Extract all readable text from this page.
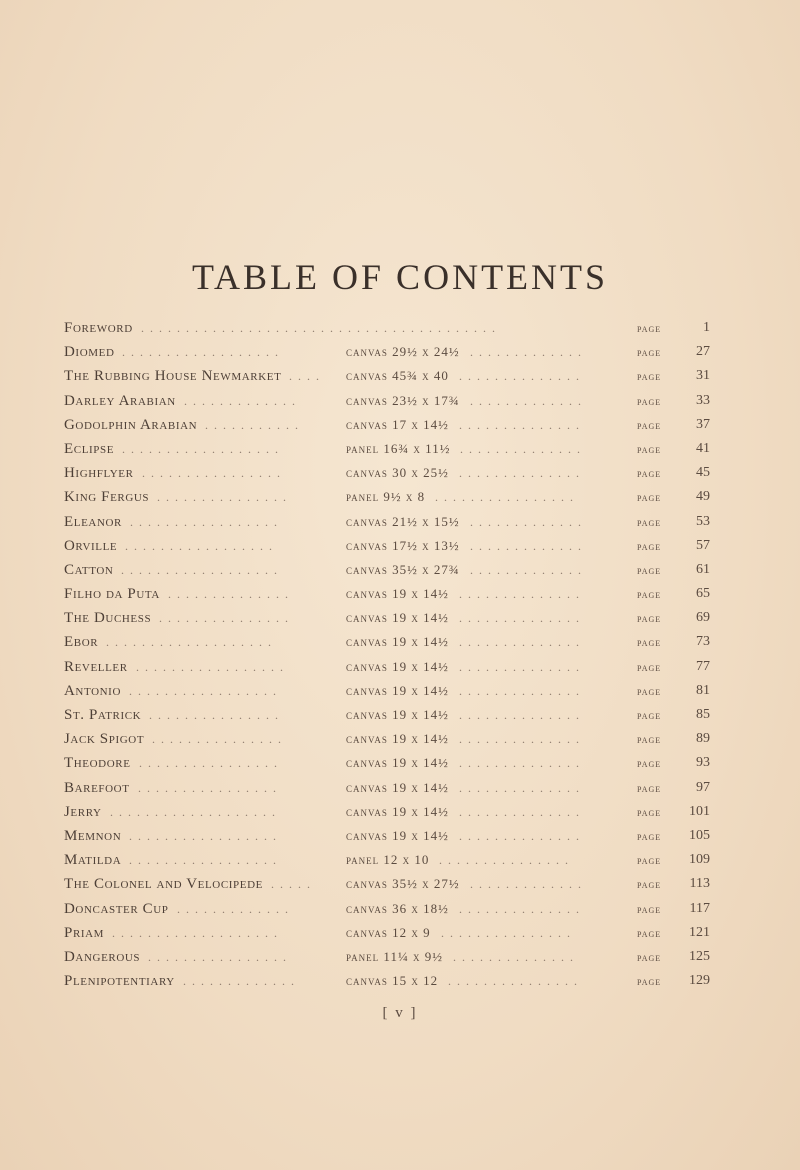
TABLE OF CONTENTS
........................................
Foreword	page	1
..................
Diomed	canvas 29½ x 24½ .............	page 27
....
The Rubbing House Newmarket	canvas 45¾ x 40 ..............	page 31
.............
Darley Arabian	canvas 23½ x 17¾ .............	page 33
...........
Godolphin Arabian	canvas 17 x 14½ ..............	page 37
..................
Eclipse	panel 16¾ x 11½ ..............	page 41
................
Highflyer	canvas 30 x 25½ ..............	page 45
...............
King Fergus	panel 9½ x 8 ................	page 49
.................
Eleanor	canvas 21½ x 15½ .............	page 53
.................
Orville	canvas 17½ x 13½ .............	page 57
..................
Catton	canvas 35½ x 27¾ .............	page 61
..............
Filho da Puta	canvas 19 x 14½ ..............	page 65
...............
The Duchess	canvas 19 x 14½ ..............	page 69
...................
Ebor	canvas 19 x 14½ ..............	page 73
.................
Reveller	canvas 19 x 14½ ..............	page 77
.................
Antonio	canvas 19 x 14½ ..............	page 81
...............
St. Patrick	canvas 19 x 14½ ..............	page 85
...............
Jack Spigot	canvas 19 x 14½ ..............	page 89
................
Theodore	canvas 19 x 14½ ..............	page 93
................
Barefoot	canvas 19 x 14½ ..............	page 97
...................
Jerry	canvas 19 x 14½ ..............	page 101
.................
Memnon	canvas 19 x 14½ ..............	page 105
.................
Matilda	panel 12 x 10 ...............	page 109
.....
The Colonel and Velocipede	canvas 35½ x 27½ .............	page 113
.............
Doncaster Cup	canvas 36 x 18½ ..............	page 117
...................
Priam	canvas 12 x 9 ...............	page 121
................
Dangerous	panel 11¼ x 9½ ..............	page 125
.............
Plenipotentiary	canvas 15 x 12 ...............	page 129
[ v ]
